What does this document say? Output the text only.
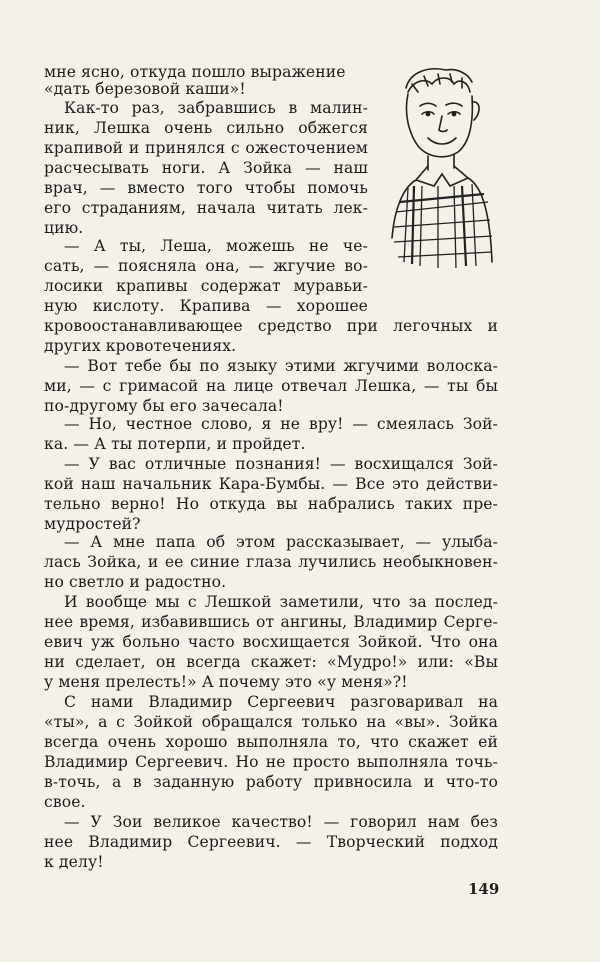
мне ясно, откуда пошло выражение
«дать березовой каши»!
Как-то раз, забравшись в малин-
ник, Лешка очень сильно обжегся
крапивой и принялся с ожесточением
расчесывать ноги. А Зойка — наш
врач, — вместо того чтобы помочь
его страданиям, начала читать лек-
цию.
— А ты, Леша, можешь не че-
сать, — поясняла она, — жгучие во-
лосики крапивы содержат муравьи-
ную кислоту. Крапива — хорошее
кровоостанавливающее средство при легочных и
других кровотечениях.
— Вот тебе бы по языку этими жгучими волоска-
ми, — с гримасой на лице отвечал Лешка, — ты бы
по-другому бы его зачесала!
— Но, честное слово, я не вру! — смеялась Зой-
ка. — А ты потерпи, и пройдет.
— У вас отличные познания! — восхищался Зой-
кой наш начальник Кара-Бумбы. — Все это действи-
тельно верно! Но откуда вы набрались таких пре-
мудростей?
— А мне папа об этом рассказывает, — улыба-
лась Зойка, и ее синие глаза лучились необыкновен-
но светло и радостно.
И вообще мы с Лешкой заметили, что за послед-
нее время, избавившись от ангины, Владимир Серге-
евич уж больно часто восхищается Зойкой. Что она
ни сделает, он всегда скажет: «Мудро!» или: «Вы
у меня прелесть!» А почему это «у меня»?!
С нами Владимир Сергеевич разговаривал на
«ты», а с Зойкой обращался только на «вы». Зойка
всегда очень хорошо выполняла то, что скажет ей
Владимир Сергеевич. Но не просто выполняла точь-
в-точь, а в заданную работу привносила и что-то
свое.
— У Зои великое качество! — говорил нам без
нее Владимир Сергеевич. — Творческий подход
к делу!
149
